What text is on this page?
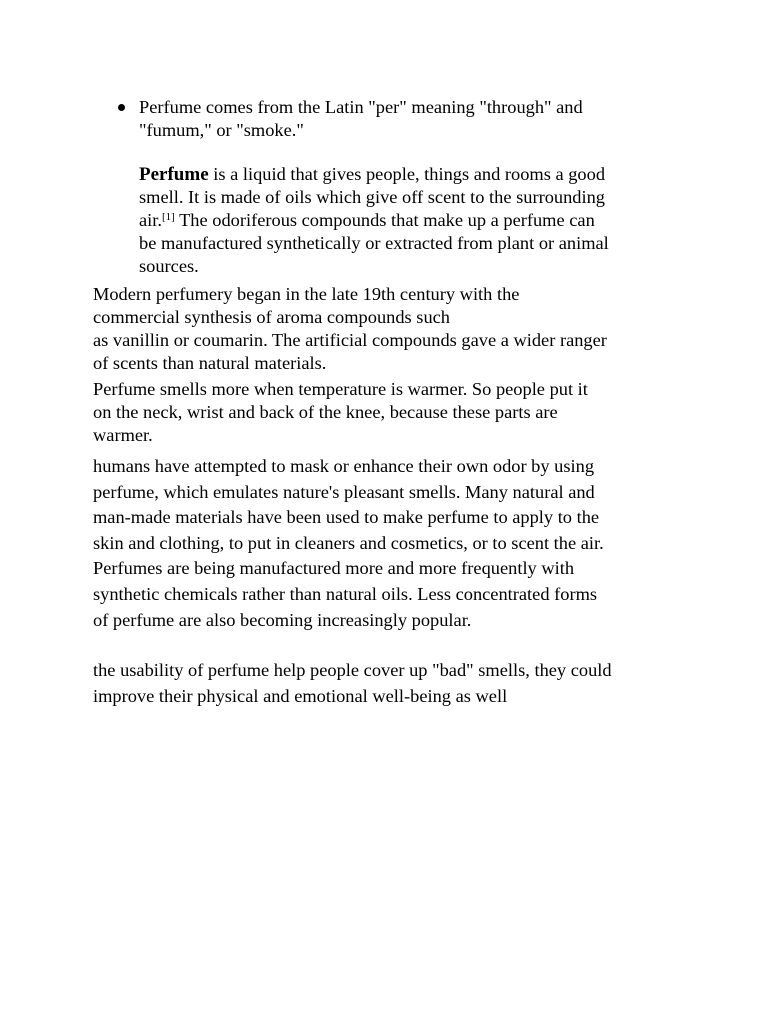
Perfume comes from the Latin "per" meaning "through" and
"fumum," or "smoke."
Perfume is a liquid that gives people, things and rooms a good
smell. It is made of oils which give off scent to the surrounding
air.[1] The odoriferous compounds that make up a perfume can
be manufactured synthetically or extracted from plant or animal
sources.
Modern perfumery began in the late 19th century with the
commercial synthesis of aroma compounds such
as vanillin or coumarin. The artificial compounds gave a wider ranger
of scents than natural materials.
Perfume smells more when temperature is warmer. So people put it
on the neck, wrist and back of the knee, because these parts are
warmer.
humans have attempted to mask or enhance their own odor by using
perfume, which emulates nature's pleasant smells. Many natural and
man-made materials have been used to make perfume to apply to the
skin and clothing, to put in cleaners and cosmetics, or to scent the air.
Perfumes are being manufactured more and more frequently with
synthetic chemicals rather than natural oils. Less concentrated forms
of perfume are also becoming increasingly popular.
the usability of perfume help people cover up "bad" smells, they could
improve their physical and emotional well-being as well
